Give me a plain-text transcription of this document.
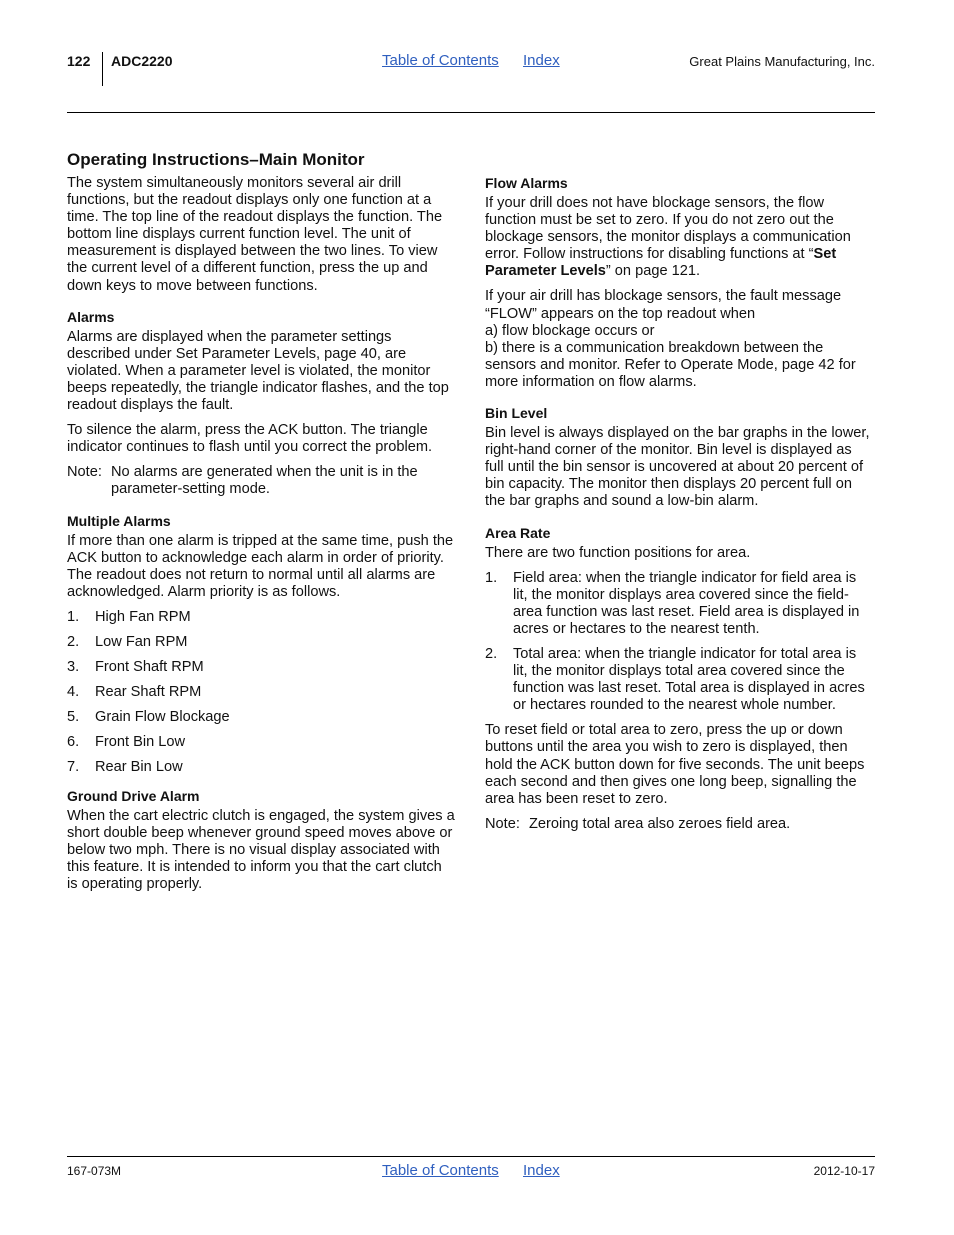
122 ADC2220	Table of Contents Index	Great Plains Manufacturing, Inc.
Operating Instructions–Main Monitor

The system simultaneously monitors several air drill functions, but the readout displays only one function at a time. The top line of the readout displays the function. The bottom line displays current function level. The unit of measurement is displayed between the two lines. To view the current level of a different function, press the up and down keys to move between functions.

Alarms

Alarms are displayed when the parameter settings described under Set Parameter Levels, page 40, are violated. When a parameter level is violated, the monitor beeps repeatedly, the triangle indicator flashes, and the top readout displays the fault.

To silence the alarm, press the ACK button. The triangle indicator continues to flash until you correct the problem.

Note: No alarms are generated when the unit is in the parameter-setting mode.
Multiple Alarms

If more than one alarm is tripped at the same time, push the ACK button to acknowledge each alarm in order of priority. The readout does not return to normal until all alarms are acknowledged. Alarm priority is as follows.

1.	High Fan RPM
2.	Low Fan RPM
3.	Front Shaft RPM
4.	Rear Shaft RPM
5.	Grain Flow Blockage
6.	Front Bin Low
7.	Rear Bin Low
Ground Drive Alarm

When the cart electric clutch is engaged, the system gives a short double beep whenever ground speed moves above or below two mph. There is no visual display associated with this feature. It is intended to inform you that the cart clutch is operating properly.

Flow Alarms

If your drill does not have blockage sensors, the flow function must be set to zero. If you do not zero out the blockage sensors, the monitor displays a communication error. Follow instructions for disabling functions at “Set Parameter Levels” on page 121.

If your air drill has blockage sensors, the fault message “FLOW” appears on the top readout when
a) flow blockage occurs or
b) there is a communication breakdown between the sensors and monitor. Refer to Operate Mode, page 42 for more information on flow alarms.

Bin Level

Bin level is always displayed on the bar graphs in the lower, right-hand corner of the monitor. Bin level is displayed as full until the bin sensor is uncovered at about 20 percent of bin capacity. The monitor then displays 20 percent full on the bar graphs and sound a low-bin alarm.

Area Rate

There are two function positions for area.

1.	Field area: when the triangle indicator for field area is lit, the monitor displays area covered since the field-area function was last reset. Field area is displayed in acres or hectares to the nearest tenth.
2.	Total area: when the triangle indicator for total area is lit, the monitor displays total area covered since the function was last reset. Total area is displayed in acres or hectares rounded to the nearest whole number.

To reset field or total area to zero, press the up or down buttons until the area you wish to zero is displayed, then hold the ACK button down for five seconds. The unit beeps each second and then gives one long beep, signalling the area has been reset to zero.

Note: Zeroing total area also zeroes field area.
167-073M	Table of Contents Index	2012-10-17
